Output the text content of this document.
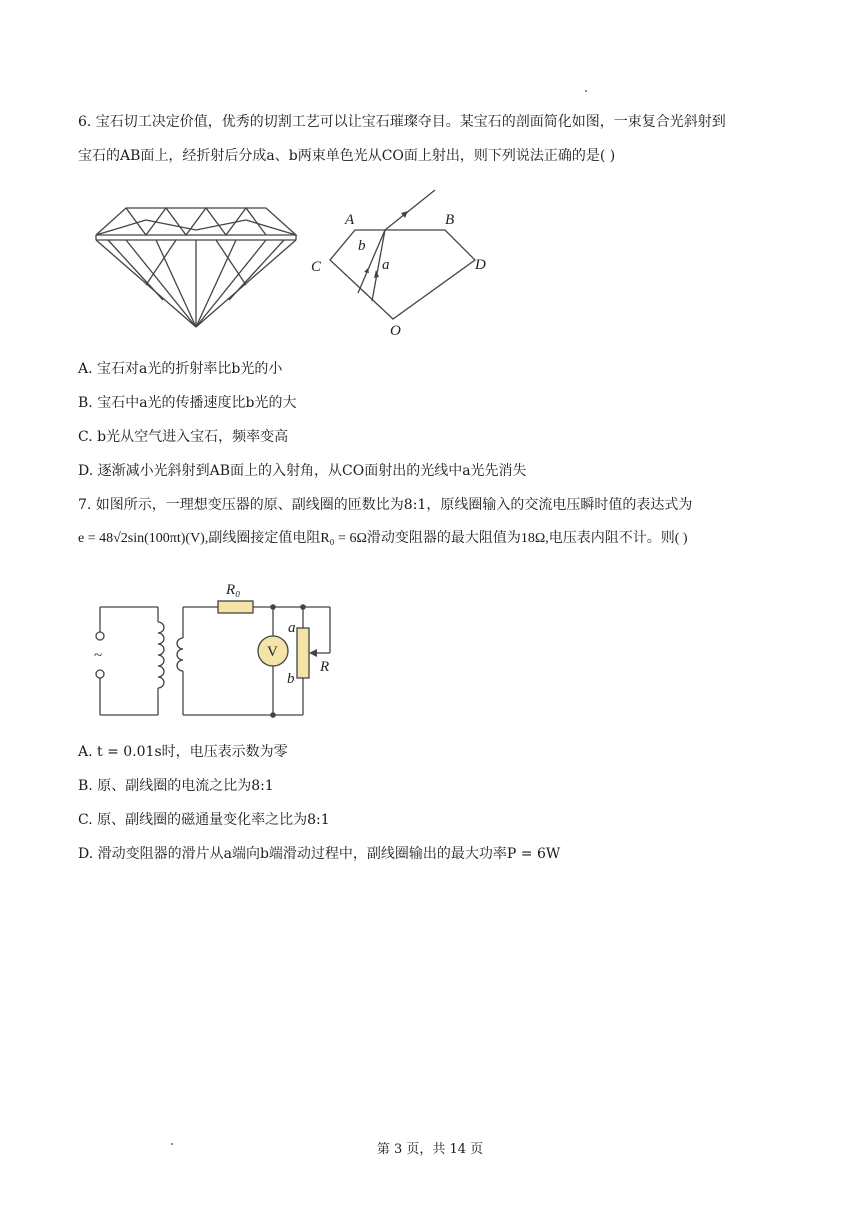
6. 宝石切工决定价值，优秀的切割工艺可以让宝石璀璨夺目。某宝石的剖面简化如图，一束复合光斜射到
宝石的AB面上，经折射后分成a、b两束单色光从CO面上射出，则下列说法正确的是( )
A	B
C	D
O
b
a
A. 宝石对a光的折射率比b光的小
B. 宝石中a光的传播速度比b光的大
C. b光从空气进入宝石，频率变高
D. 逐渐减小光斜射到AB面上的入射角，从CO面射出的光线中a光先消失
7. 如图所示，一理想变压器的原、副线圈的匝数比为8:1，原线圈输入的交流电压瞬时值的表达式为
e = 48√2sin(100πt)(V),副线圈接定值电阻R₀ = 6Ω滑动变阻器的最大阻值为18Ω,电压表内阻不计。则( )
V
R₀
a
b
R
~
A. t = 0.01s时，电压表示数为零
B. 原、副线圈的电流之比为8:1
C. 原、副线圈的磁通量变化率之比为8:1
D. 滑动变阻器的滑片从a端向b端滑动过程中，副线圈输出的最大功率P = 6W
第 3 页，共 14 页
